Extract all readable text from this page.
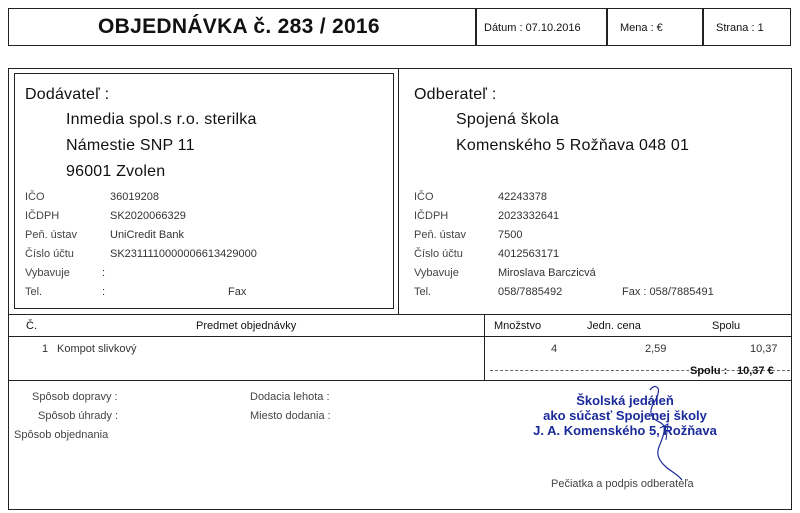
OBJEDNÁVKA č. 283 / 2016	Dátum : 07.10.2016	Mena : €	Strana : 1
Dodávateľ :
Inmedia spol.s r.o. sterilka
Námestie SNP 11
96001 Zvolen
IČO	36019208
IČDPH	SK2020066329
Peň. ústav	UniCredit Bank
Číslo účtu	SK2311110000006613429000
Vybavuje	:
Tel.	:	Fax
Odberateľ :
Spojená škola
Komenského 5 Rožňava 048 01
IČO	42243378
IČDPH	2023332641
Peň. ústav	7500
Číslo účtu	4012563171
Vybavuje	Miroslava Barczicvá
Tel.	058/7885492	Fax : 058/7885491
Č.	Predmet objednávky	Množstvo	Jedn. cena	Spolu
1 Kompot slivkový	4	2,59	10,37
Spolu : 10,37 €
Spôsob dopravy :
Spôsob úhrady :
Spôsob objednania
Dodacia lehota :
Miesto dodania :
Školská jedáleň
ako súčasť Spojenej školy
J. A. Komenského 5, Rožňava
Pečiatka a podpis odberateľa
